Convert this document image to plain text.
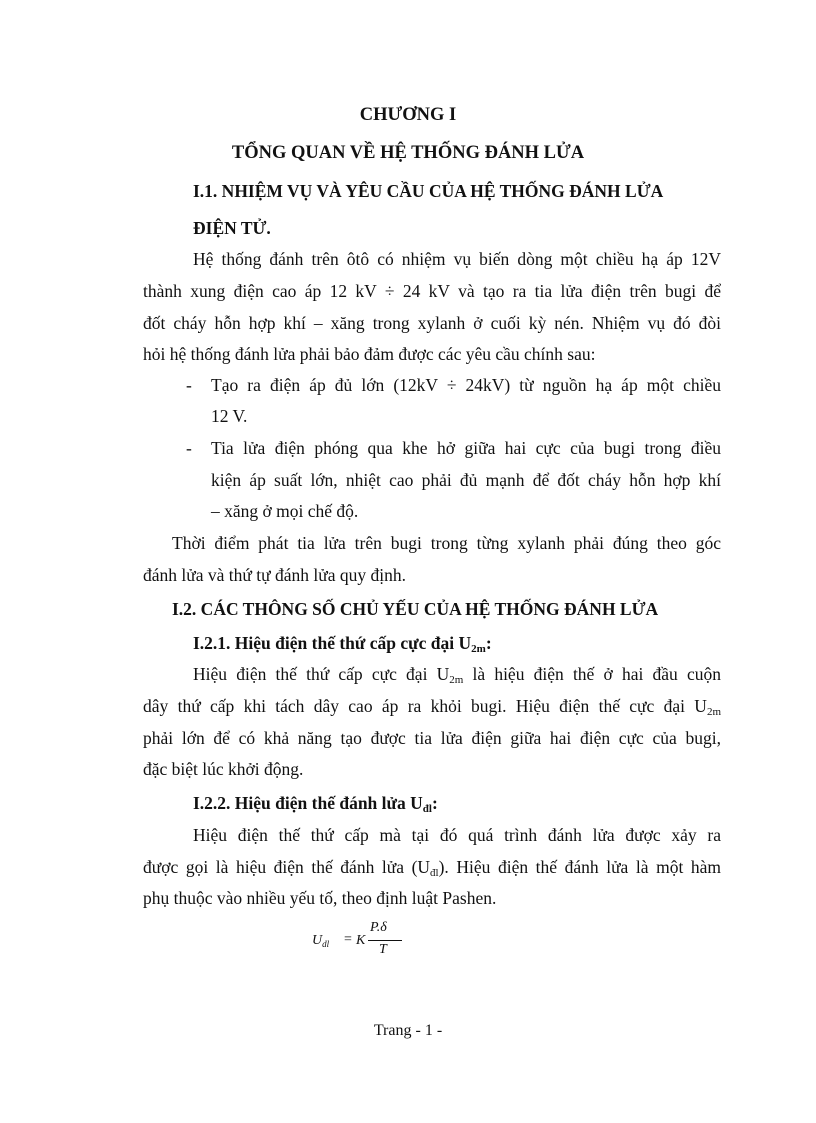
CHƯƠNG I
TỔNG QUAN VỀ HỆ THỐNG ĐÁNH LỬA
I.1. NHIỆM VỤ VÀ YÊU CẦU CỦA HỆ THỐNG ĐÁNH LỬA
ĐIỆN TỬ.
Hệ thống đánh trên ôtô có nhiệm vụ biến dòng một chiều hạ áp 12V
thành xung điện cao áp 12 kV ÷ 24 kV và tạo ra tia lửa điện trên bugi để
đốt cháy hỗn hợp khí – xăng trong xylanh ở cuối kỳ nén. Nhiệm vụ đó đòi
hỏi hệ thống đánh lửa phải bảo đảm được các yêu cầu chính sau:
- Tạo ra điện áp đủ lớn (12kV ÷ 24kV) từ nguồn hạ áp một chiều
12 V.
- Tia lửa điện phóng qua khe hở giữa hai cực của bugi trong điều
kiện áp suất lớn, nhiệt cao phải đủ mạnh để đốt cháy hỗn hợp khí
– xăng ở mọi chế độ.
Thời điểm phát tia lửa trên bugi trong từng xylanh phải đúng theo góc
đánh lửa và thứ tự đánh lửa quy định.
I.2. CÁC THÔNG SỐ CHỦ YẾU CỦA HỆ THỐNG ĐÁNH LỬA
I.2.1. Hiệu điện thế thứ cấp cực đại $U_{2m}$:
Hiệu điện thế thứ cấp cực đại $U_{2m}$ là hiệu điện thế ở hai đầu cuộn
dây thứ cấp khi tách dây cao áp ra khỏi bugi. Hiệu điện thế cực đại $U_{2m}$
phải lớn để có khả năng tạo được tia lửa điện giữa hai điện cực của bugi,
đặc biệt lúc khởi động.
I.2.2. Hiệu điện thế đánh lửa $U_{đl}$:
Hiệu điện thế thứ cấp mà tại đó quá trình đánh lửa được xảy ra
được gọi là hiệu điện thế đánh lửa $(U_{đl})$. Hiệu điện thế đánh lửa là một hàm
phụ thuộc vào nhiều yếu tố, theo định luật Pashen.
$U_{dl} = K$
P.δ
T
Trang - 1 -
